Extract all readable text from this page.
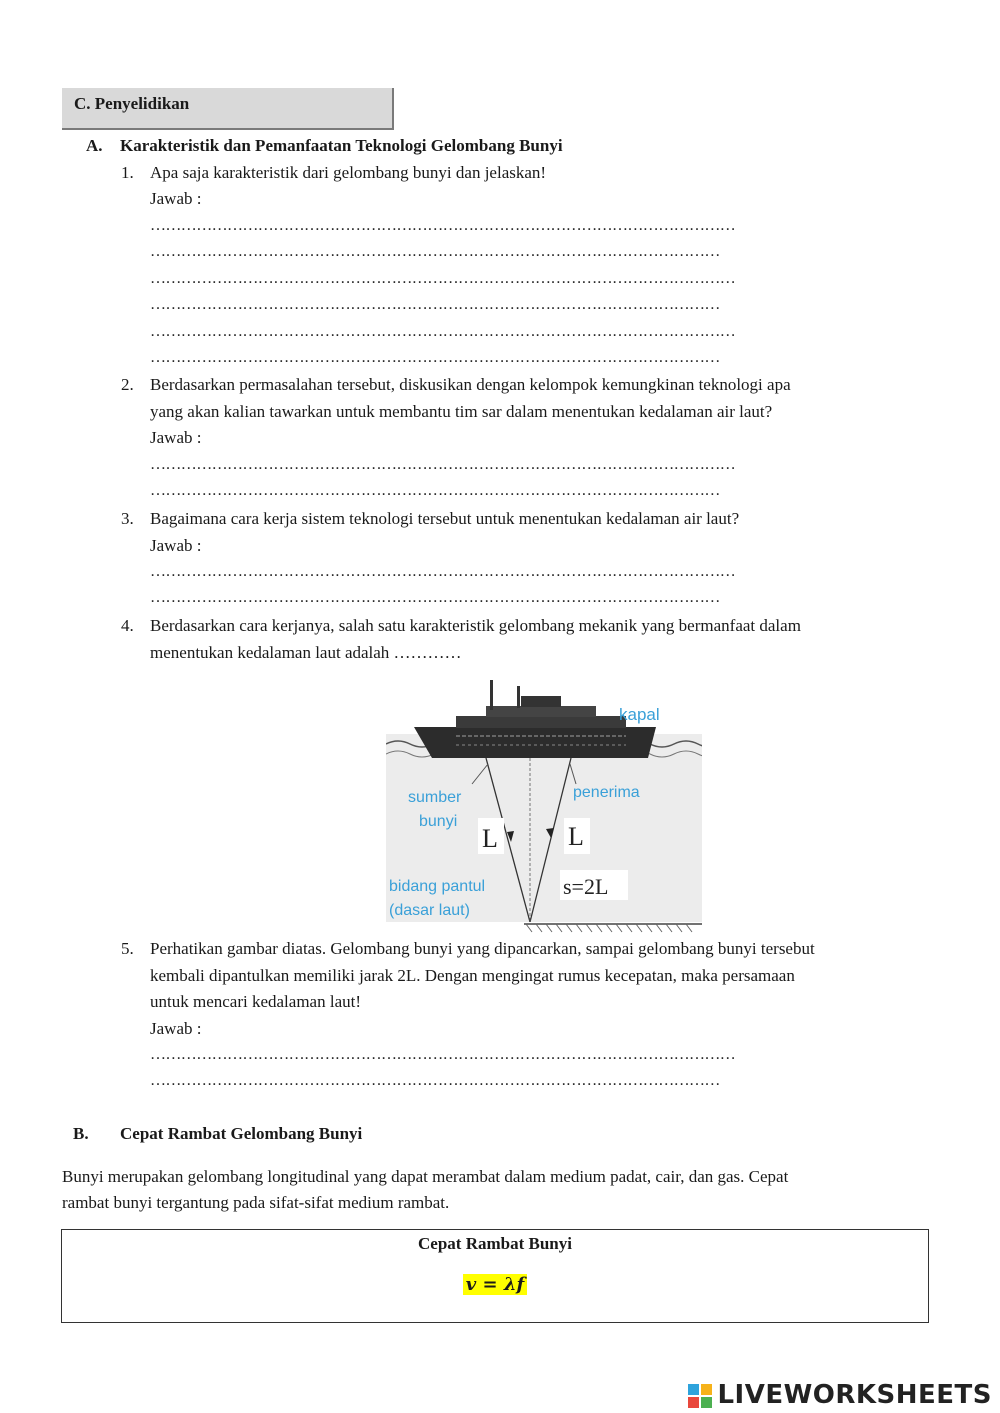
C. Penyelidikan
A. Karakteristik dan Pemanfaatan Teknologi Gelombang Bunyi
1. Apa saja karakteristik dari gelombang bunyi dan jelaskan!
Jawab :
……………………………………………………………………………………………………
…………………………………………………………………………………………………
……………………………………………………………………………………………………
…………………………………………………………………………………………………
……………………………………………………………………………………………………
…………………………………………………………………………………………………
2. Berdasarkan permasalahan tersebut, diskusikan dengan kelompok kemungkinan teknologi apa
yang akan kalian tawarkan untuk membantu tim sar dalam menentukan kedalaman air laut?
Jawab :
……………………………………………………………………………………………………
…………………………………………………………………………………………………
3. Bagaimana cara kerja sistem teknologi tersebut untuk menentukan kedalaman air laut?
Jawab :
……………………………………………………………………………………………………
…………………………………………………………………………………………………
4. Berdasarkan cara kerjanya, salah satu karakteristik gelombang mekanik yang bermanfaat dalam
menentukan kedalaman laut adalah …………
kapal
sumber
bunyi
penerima
L	L
s=2L
bidang pantul
(dasar laut)
5. Perhatikan gambar diatas. Gelombang bunyi yang dipancarkan, sampai gelombang bunyi tersebut
kembali dipantulkan memiliki jarak 2L. Dengan mengingat rumus kecepatan, maka persamaan
untuk mencari kedalaman laut!
Jawab :
……………………………………………………………………………………………………
…………………………………………………………………………………………………
B. Cepat Rambat Gelombang Bunyi
Bunyi merupakan gelombang longitudinal yang dapat merambat dalam medium padat, cair, dan gas. Cepat
rambat bunyi tergantung pada sifat-sifat medium rambat.
Cepat Rambat Bunyi
v = λf
LIVEWORKSHEETS
